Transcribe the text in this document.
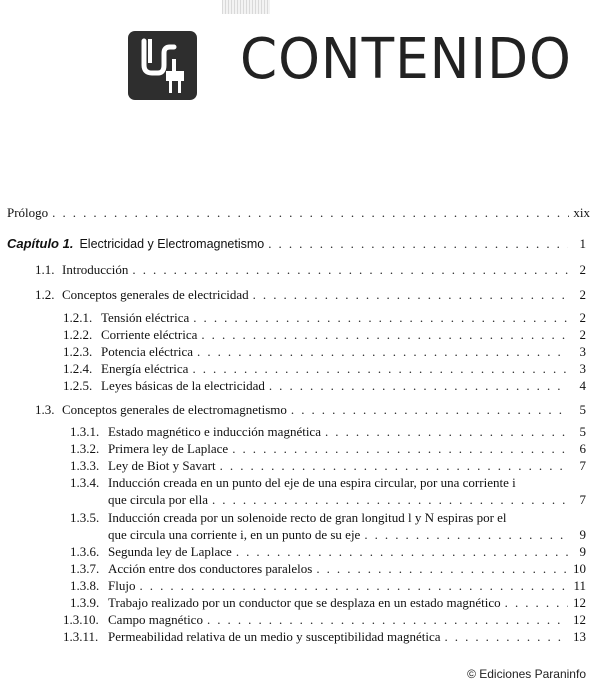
CONTENIDO
Prólogo . . .	xix
Capítulo 1. Electricidad y Electromagnetismo . . .	1
1.1. Introducción . . .	2
1.2. Conceptos generales de electricidad . . .	2
1.2.1. Tensión eléctrica . . .	2
1.2.2. Corriente eléctrica . . .	2
1.2.3. Potencia eléctrica . . .	3
1.2.4. Energía eléctrica . . .	3
1.2.5. Leyes básicas de la electricidad . . .	4
1.3. Conceptos generales de electromagnetismo . . .	5
1.3.1. Estado magnético e inducción magnética . . .	5
1.3.2. Primera ley de Laplace . . .	6
1.3.3. Ley de Biot y Savart . . .	7
1.3.4. Inducción creada en un punto del eje de una espira circular, por una corriente i
que circula por ella . . .	7
1.3.5. Inducción creada por un solenoide recto de gran longitud l y N espiras por el
que circula una corriente i, en un punto de su eje . . .	9
1.3.6. Segunda ley de Laplace . . .	9
1.3.7. Acción entre dos conductores paralelos . . .	10
1.3.8. Flujo . . .	11
1.3.9. Trabajo realizado por un conductor que se desplaza en un estado magnético . . .	12
1.3.10. Campo magnético . . .	12
1.3.11. Permeabilidad relativa de un medio y susceptibilidad magnética . . .	13
© Ediciones Paraninfo
